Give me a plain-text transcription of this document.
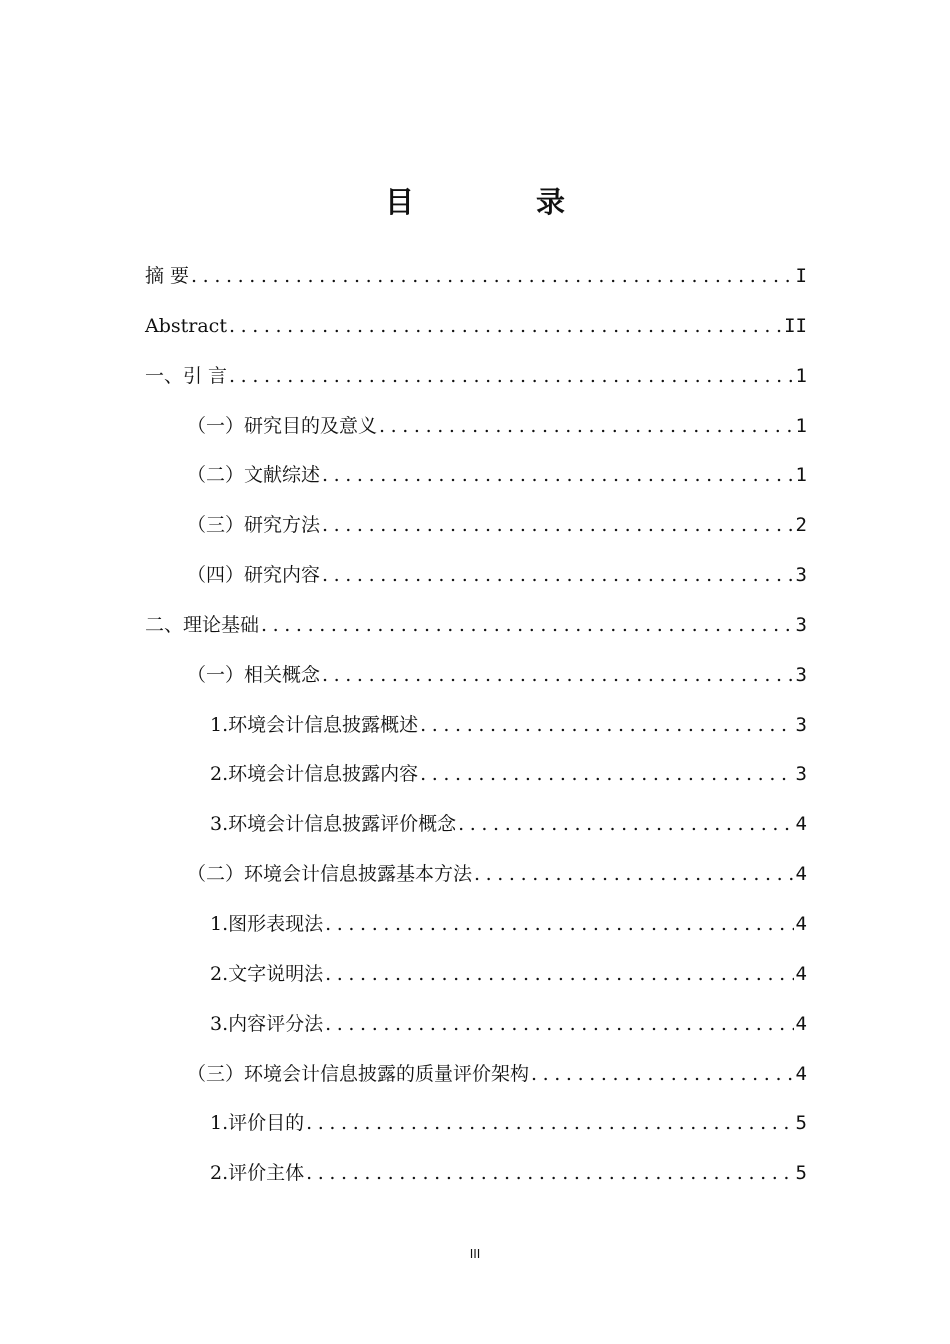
目 录
摘 要 .....	I
Abstract .....	II
一、引 言 .....	1
（一）研究目的及意义 .....	1
（二）文献综述 .....	1
（三）研究方法 .....	2
（四）研究内容 .....	3
二、理论基础 .....	3
（一）相关概念 .....	3
1.环境会计信息披露概述 .....	3
2.环境会计信息披露内容 .....	3
3.环境会计信息披露评价概念 .....	4
（二）环境会计信息披露基本方法 .....	4
1.图形表现法 .....	4
2.文字说明法 .....	4
3.内容评分法 .....	4
（三）环境会计信息披露的质量评价架构 .....	4
1.评价目的 .....	5
2.评价主体 .....	5
III
